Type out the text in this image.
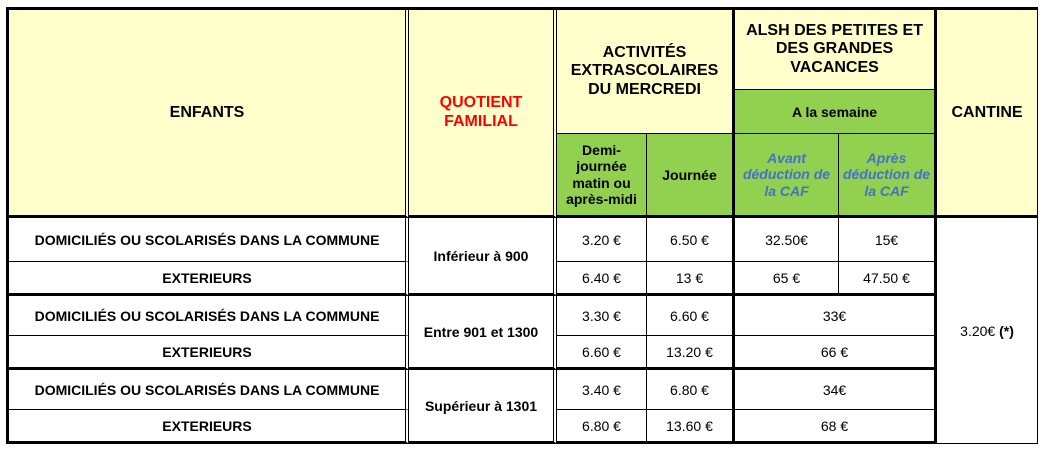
ENFANTS	QUOTIENT FAMILIAL	ACTIVITÉS EXTRASCOLAIRES DU MERCREDI		ALSH DES PETITES ET DES GRANDES VACANCES		CANTINE
				A la semaine		
		Demi-journée matin ou après-midi	Journée	Avant déduction de la CAF	Après déduction de la CAF	
DOMICILIÉS OU SCOLARISÉS DANS LA COMMUNE	Inférieur à 900	3.20 €	6.50 €	32.50€	15€	3.20€ (*)
EXTERIEURS		6.40 €	13 €	65 €	47.50 €	
DOMICILIÉS OU SCOLARISÉS DANS LA COMMUNE	Entre 901 et 1300	3.30 €	6.60 €	33€		
EXTERIEURS		6.60 €	13.20 €	66 €		
DOMICILIÉS OU SCOLARISÉS DANS LA COMMUNE	Supérieur à 1301	3.40 €	6.80 €	34€		
EXTERIEURS		6.80 €	13.60 €	68 €		
